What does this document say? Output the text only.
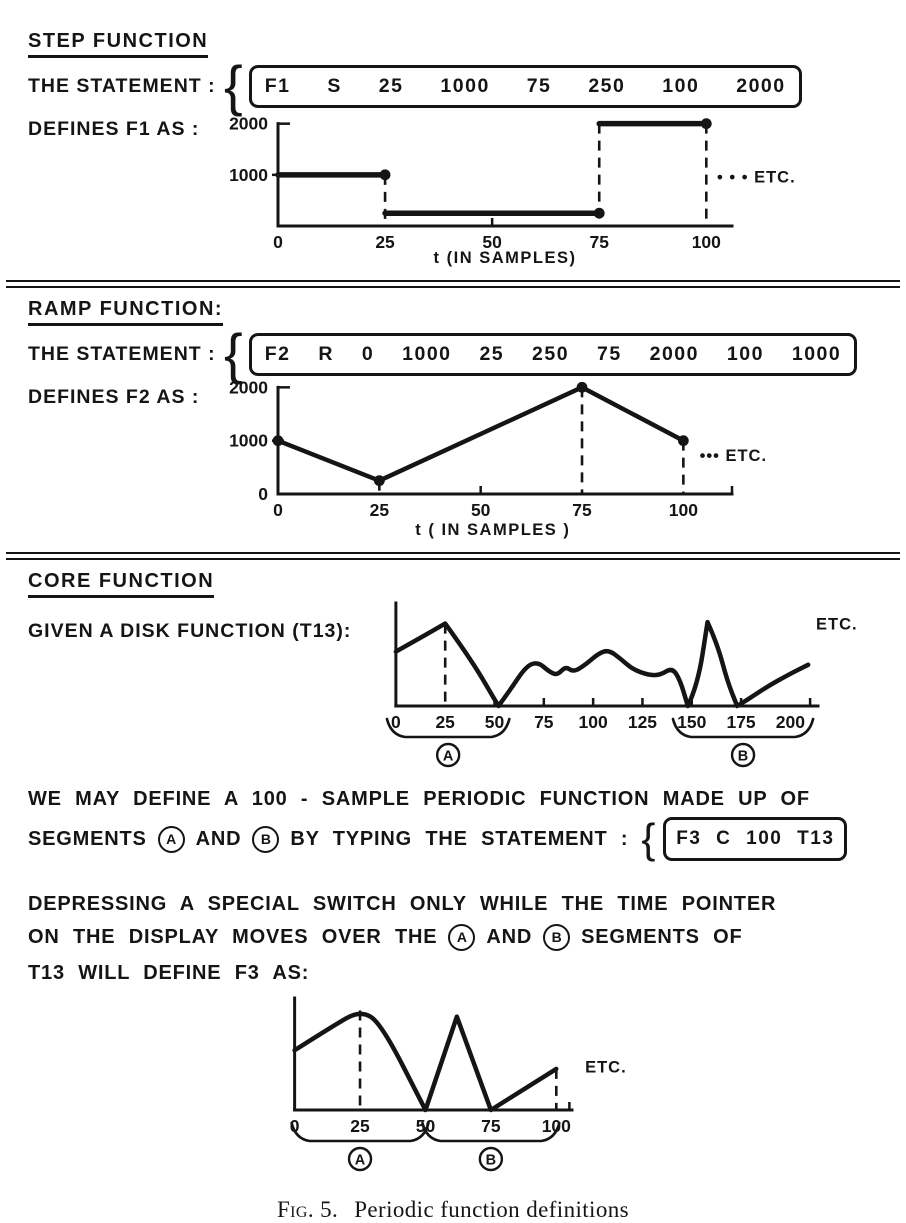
STEP FUNCTION
THE STATEMENT : {	F1 S 25 1000 75 250 100 2000
DEFINES F1 AS :
1000
2000
0	25	50	75	100
• • • ETC.
t (IN SAMPLES)
RAMP FUNCTION:
THE STATEMENT : {	F2 R 0 1000 25 250 75 2000 100 1000
DEFINES F2 AS :
0
1000
2000
0	25	50	75	100
••• ETC.
t ( IN SAMPLES )
CORE FUNCTION
GIVEN A DISK FUNCTION (T13):
0 25 50 75 100 125 150 175 200
A	B
ETC.
WE MAY DEFINE A 100 - SAMPLE PERIODIC FUNCTION MADE UP OF
SEGMENTS	A AND	B BY TYPING THE STATEMENT : {	F3 C 100 T13
DEPRESSING A SPECIAL SWITCH ONLY WHILE THE TIME POINTER
ON THE DISPLAY MOVES OVER THE	A AND	B SEGMENTS OF
T13 WILL DEFINE F3 AS:
0	25	50	75 100
A	B
ETC.
Fig. 5. Periodic function definitions
